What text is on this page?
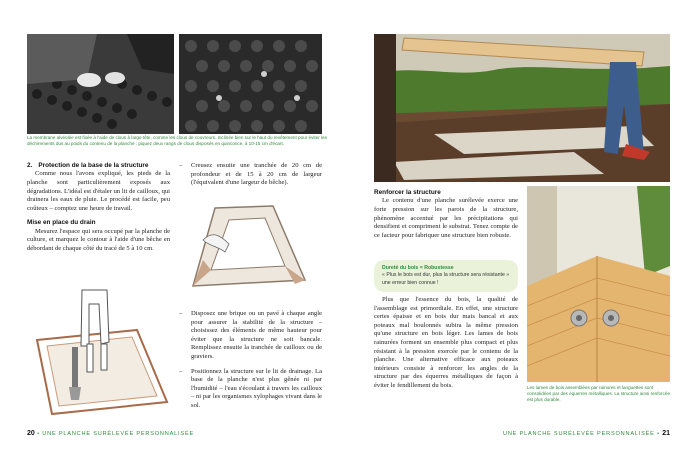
La membrane alvéolée est fixée à l'aide de clous à large tête, comme les clous de couvreurs. Inclinée bien sur le haut du revêtement pour éviter les déchirements dus au poids du contenu de la planche : piquez deux rangs de clous disposés en quinconce, à 10-15 cm d'écart.
2. Protection de la base de la structure

Comme nous l'avons expliqué, les pieds de la planche sont particulièrement exposés aux dégradations. L'idéal est d'étaler un lit de cailloux, qui drainera les eaux de pluie. Le procédé est facile, peu coûteux – comptez une heure de travail.

Mise en place du drain

Mesurez l'espace qui sera occupé par la planche de culture, et marquez le contour à l'aide d'une bêche en débordant de chaque côté du tracé de 5 à 10 cm.

–	Creusez ensuite une tranchée de 20 cm de profondeur et de 15 à 20 cm de largeur (l'équivalent d'une largeur de bêche).
–	Disposez une brique ou un pavé à chaque angle pour assurer la stabilité de la structure – choisissez des éléments de même hauteur pour éviter que la structure ne soit bancale. Remplissez ensuite la tranchée de cailloux ou de graviers.
–	Positionnez la structure sur le lit de drainage. La base de la planche n'est plus gênée ni par l'humidité – l'eau s'écoulant à travers les cailloux – ni par les organismes xylophages vivant dans le sol.
20 • UNE PLANCHE SURÉLEVÉE PERSONNALISÉE
Renforcer la structure

Le contenu d'une planche surélevée exerce une forte pression sur les parois de la structure, phénomène accentué par les précipitations qui densifient et compriment le substrat. Tenez compte de ce facteur pour fabriquer une structure bien robuste.

Dureté du bois = Robustesse
« Plus le bois est dur, plus la structure sera résistante » une erreur bien connue !

Plus que l'essence du bois, la qualité de l'assemblage est primordiale. En effet, une structure certes épaisse et en bois dur mais bancal et aux poteaux mal boulonnés subira la même pression qu'une structure en bois léger. Les lames de bois rainurées forment un ensemble plus compact et plus résistant à la pression exercée par le contenu de la planche. Une alternative efficace aux poteaux intérieurs consiste à renforcer les angles de la structure par des équerres métalliques de façon à éviter le fendillement du bois.	Les lames de bois assemblées par rainures et languettes sont consolidées par des équerres métalliques. La structure ainsi renforcée est plus durable.
UNE PLANCHE SURÉLEVÉE PERSONNALISÉE • 21
